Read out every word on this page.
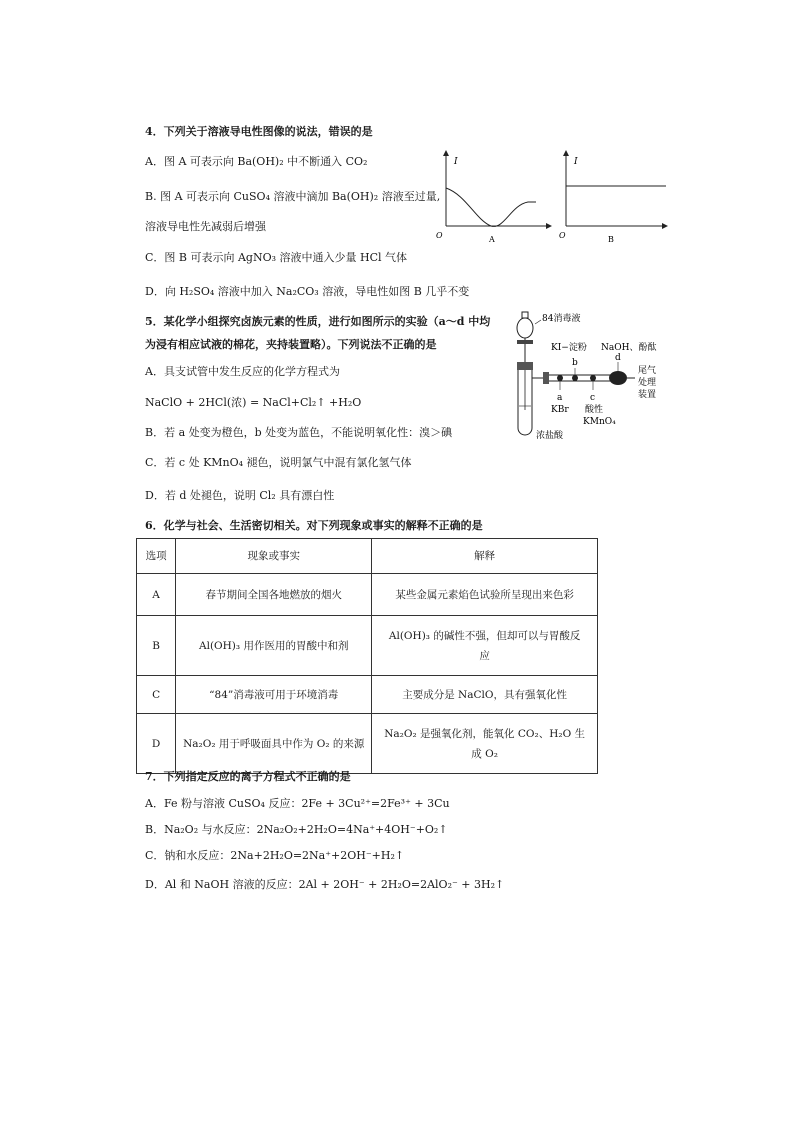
4．下列关于溶液导电性图像的说法，错误的是
A．图 A 可表示向 Ba(OH)₂ 中不断通入 CO₂
B. 图 A 可表示向 CuSO₄ 溶液中滴加 Ba(OH)₂ 溶液至过量,
溶液导电性先减弱后增强
C．图 B 可表示向 AgNO₃ 溶液中通入少量 HCl 气体
D．向 H₂SO₄ 溶液中加入 Na₂CO₃ 溶液，导电性如图 B 几乎不变
I
O	A
I
O	B
5．某化学小组探究卤族元素的性质，进行如图所示的实验（a～d 中均
为浸有相应试液的棉花，夹持装置略）。下列说法不正确的是
A．具支试管中发生反应的化学方程式为
NaClO + 2HCl(浓) = NaCl+Cl₂↑ +H₂O
B．若 a 处变为橙色，b 处变为蓝色，不能说明氧化性：溴＞碘
C．若 c 处 KMnO₄ 褪色，说明氯气中混有氯化氢气体
D．若 d 处褪色，说明 Cl₂ 具有漂白性
84消毒液
KI−淀粉 NaOH、酚酞
b	d
尾气
处理
装置
a	c
KBr 酸性
KMnO₄
浓盐酸
6．化学与社会、生活密切相关。对下列现象或事实的解释不正确的是
选项	现象或事实	解释
A	春节期间全国各地燃放的烟火	某些金属元素焰色试验所呈现出来色彩
B	Al(OH)₃ 用作医用的胃酸中和剂	Al(OH)₃ 的碱性不强，但却可以与胃酸反
应
C	“84”消毒液可用于环境消毒	主要成分是 NaClO，具有强氧化性
D	Na₂O₂ 用于呼吸面具中作为 O₂ 的来源	Na₂O₂ 是强氧化剂，能氧化 CO₂、H₂O 生
成 O₂
7．下列指定反应的离子方程式不正确的是
A．Fe 粉与溶液 CuSO₄ 反应：2Fe + 3Cu²⁺=2Fe³⁺ + 3Cu
B．Na₂O₂ 与水反应：2Na₂O₂+2H₂O=4Na⁺+4OH⁻+O₂↑
C．钠和水反应：2Na+2H₂O=2Na⁺+2OH⁻+H₂↑
D．Al 和 NaOH 溶液的反应：2Al + 2OH⁻ + 2H₂O=2AlO₂⁻ + 3H₂↑
